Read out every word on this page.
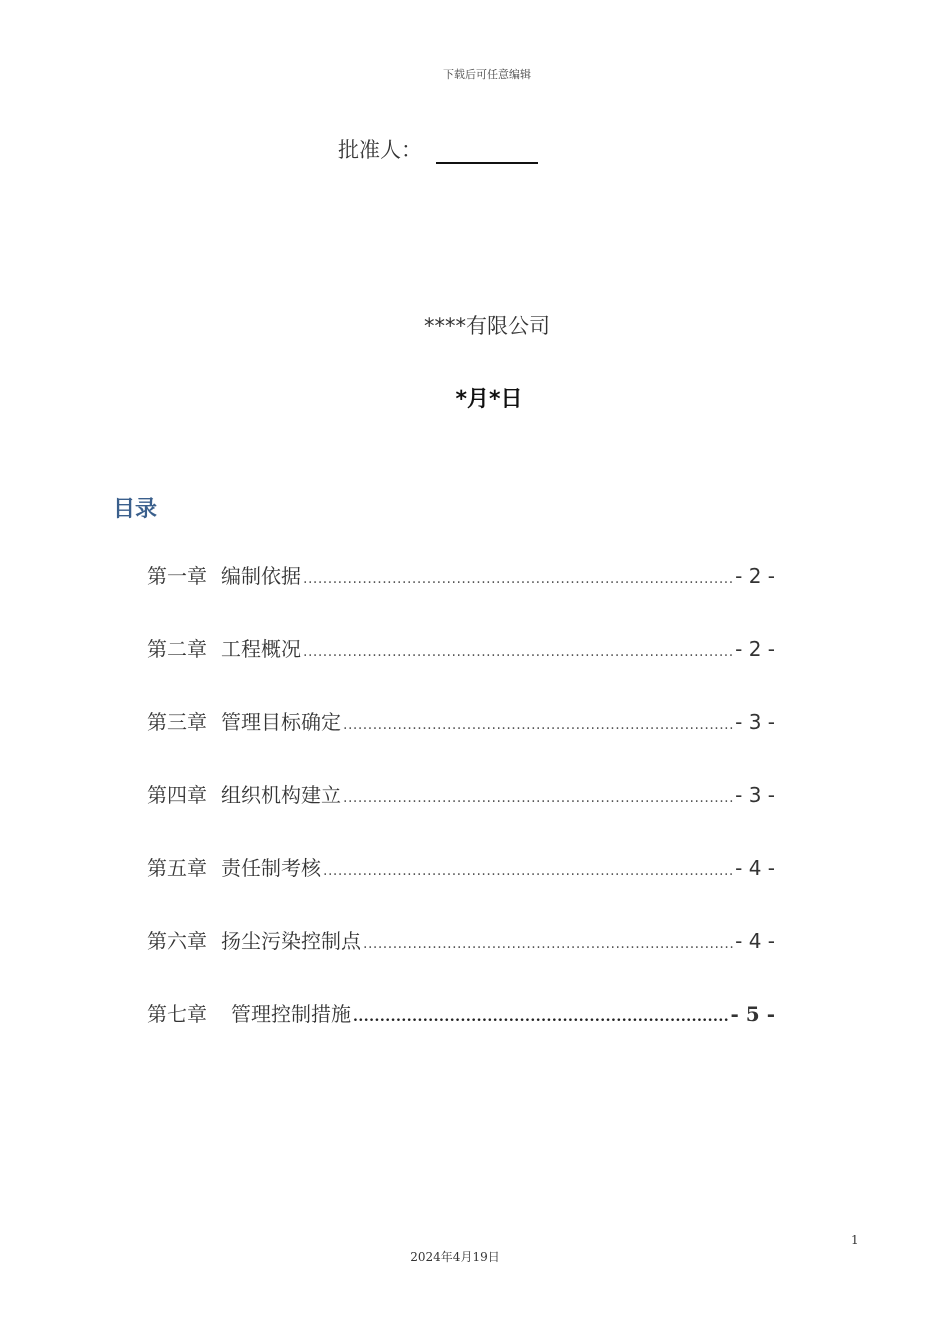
下载后可任意编辑
批准人：
****有限公司
*月*日
目录
第一章 编制依据 .....	- 2 -
第二章 工程概况 .....	- 2 -
第三章 管理目标确定 .....	- 3 -
第四章 组织机构建立 .....	- 3 -
第五章 责任制考核 .....	- 4 -
第六章 扬尘污染控制点 .....	- 4 -
第七章 管理控制措施 .....	- 5 -
1
2024年4月19日
